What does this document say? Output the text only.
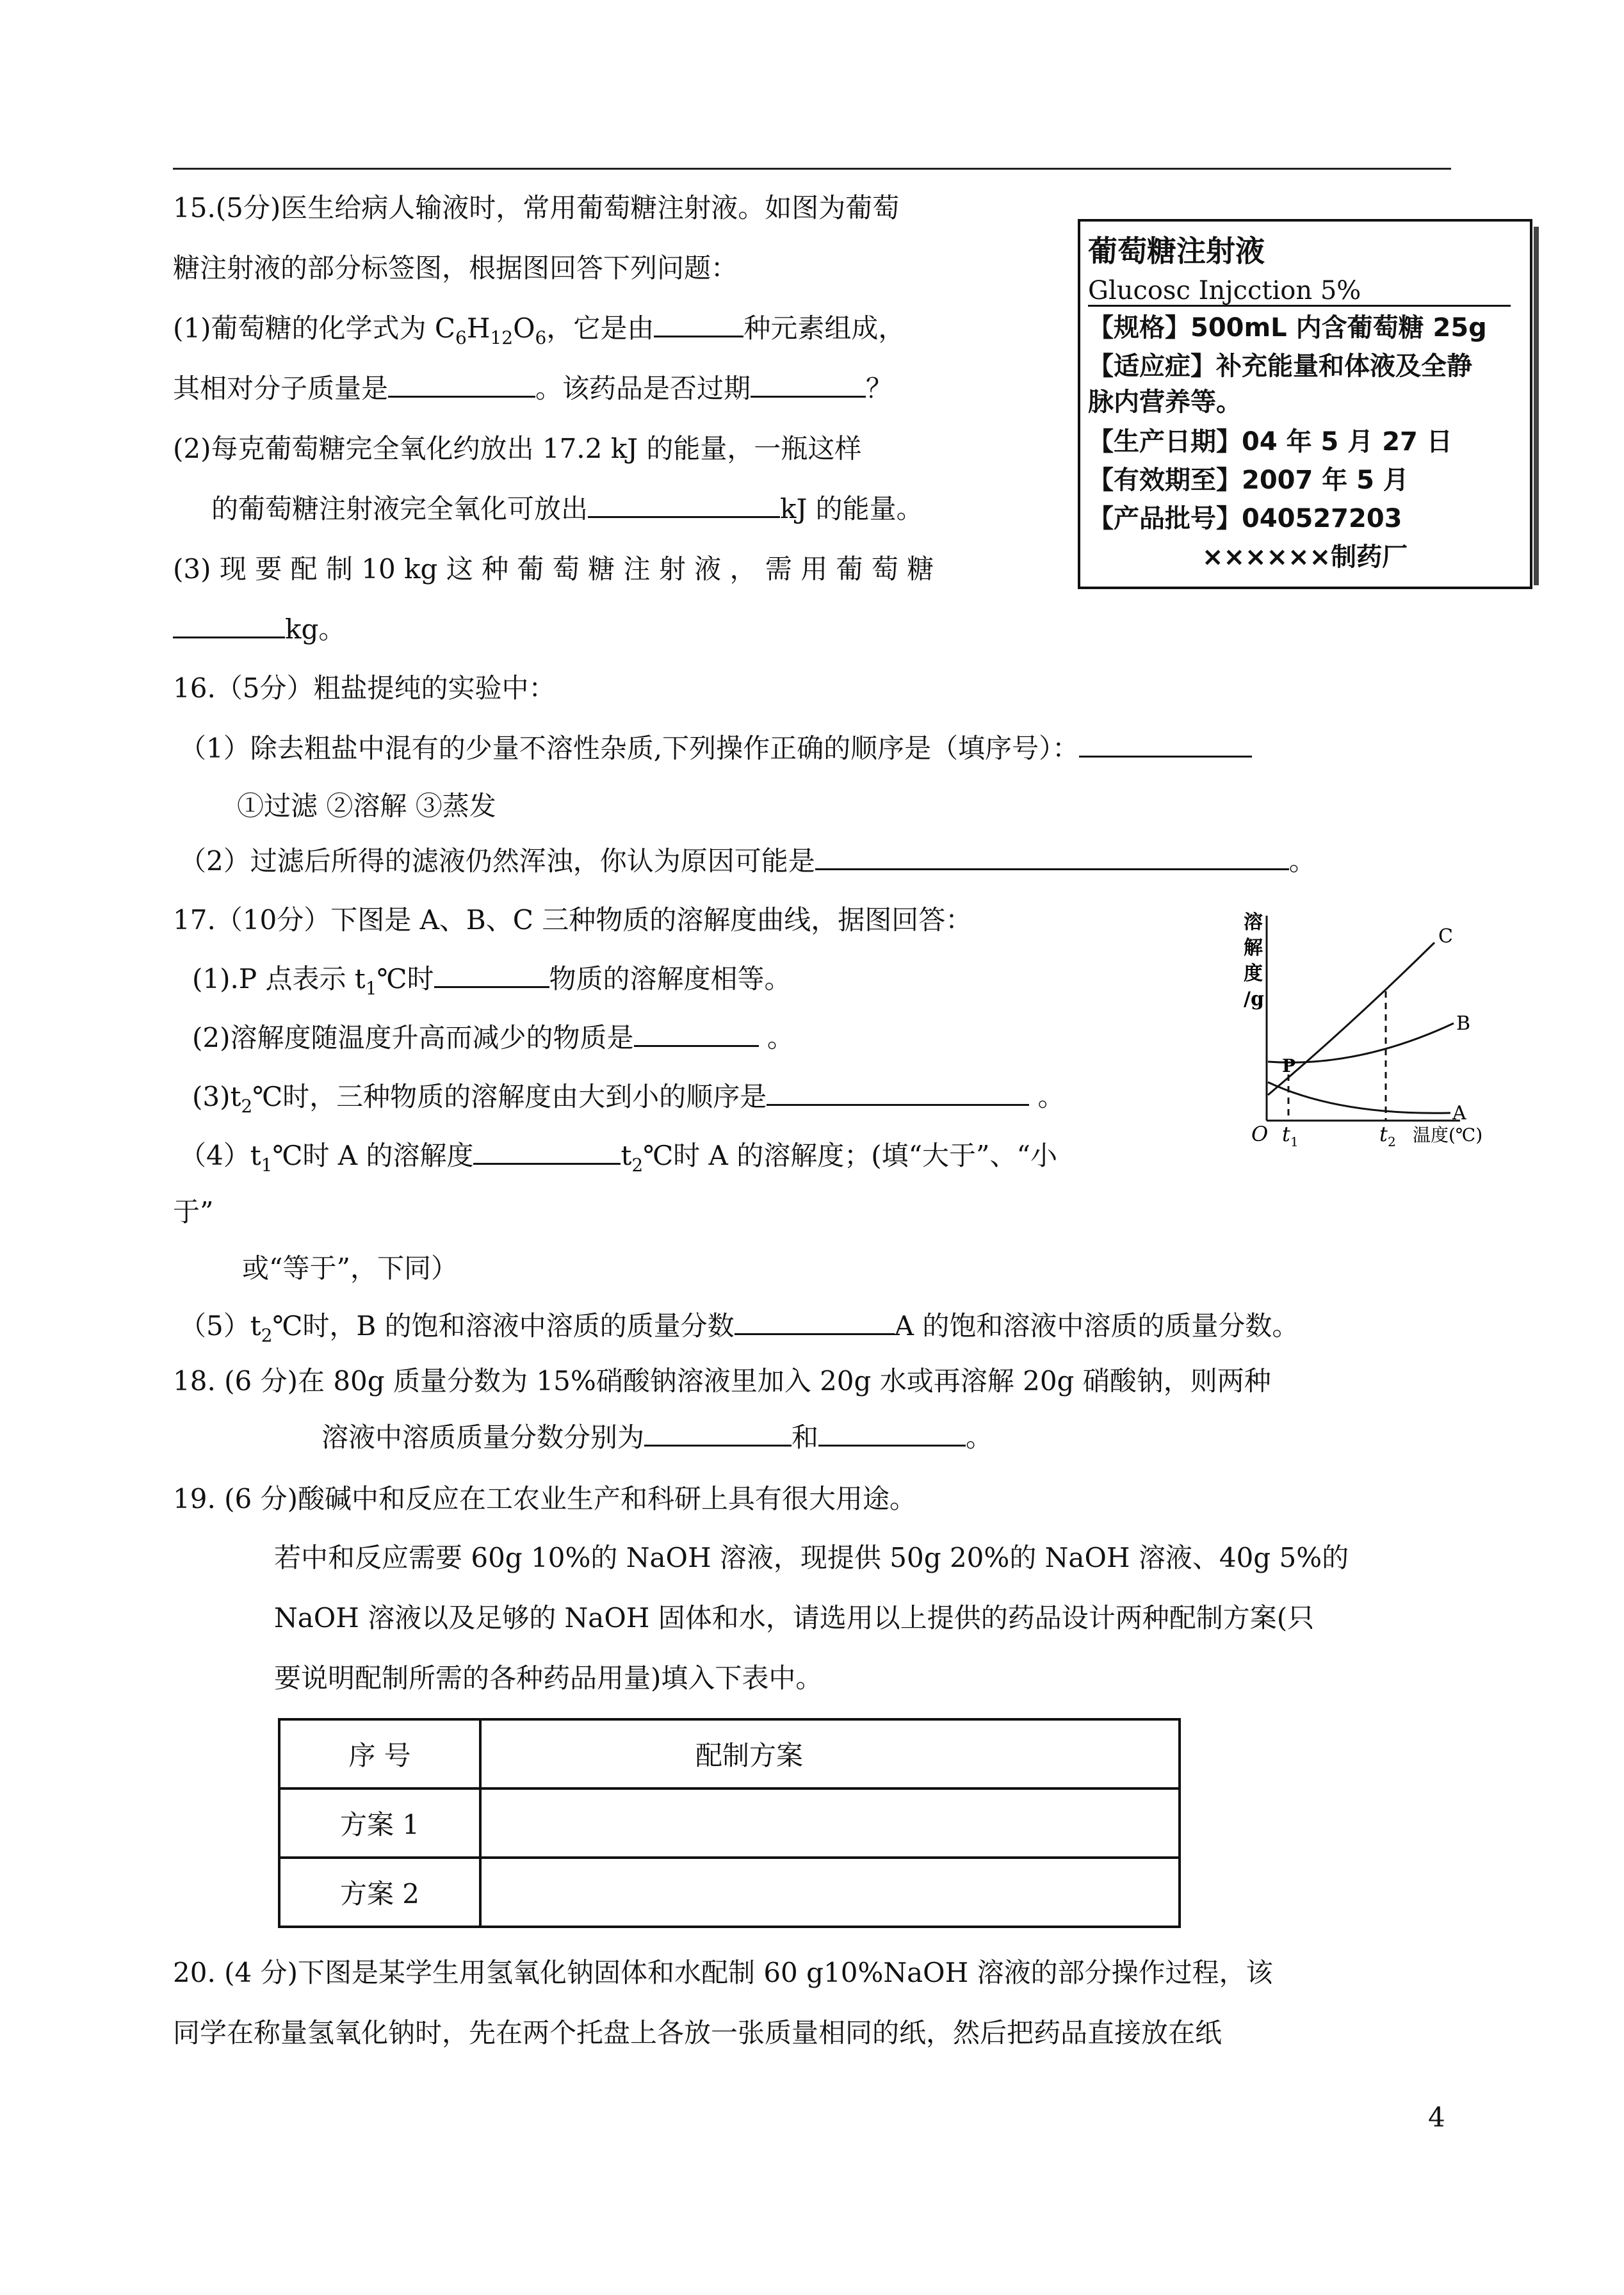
15.(5分)医生给病人输液时，常用葡萄糖注射液。如图为葡萄
糖注射液的部分标签图，根据图回答下列问题：
(1)葡萄糖的化学式为 $C_6H_{12}O_6$，它是由	种元素组成，
其相对分子质量是	。该药品是否过期	？
(2)每克葡萄糖完全氧化约放出 17.2 kJ 的能量，一瓶这样
的葡萄糖注射液完全氧化可放出	kJ 的能量。
(3) 现 要 配 制 10 kg 这 种 葡 萄 糖 注 射 液 ， 需 用 葡 萄 糖
kg。
葡萄糖注射液
Glucosc Injcction 5%
【规格】500mL 内含葡萄糖 25g
【适应症】补充能量和体液及全静
脉内营养等。
【生产日期】04 年 5 月 27 日
【有效期至】2007 年 5 月
【产品批号】040527203
××××××制药厂
16.（5分）粗盐提纯的实验中：
（1）除去粗盐中混有的少量不溶性杂质,下列操作正确的顺序是（填序号）：
①过滤 ②溶解 ③蒸发
（2）过滤后所得的滤液仍然浑浊，你认为原因可能是	。
17.（10分）下图是 A、B、C 三种物质的溶解度曲线，据图回答：
(1).P 点表示 $t_1℃$时	物质的溶解度相等。
(2)溶解度随温度升高而减少的物质是	。
$(3)t_2℃$时，三种物质的溶解度由大到小的顺序是	。
$(4)t_1℃$时 A 的溶解度	$t_2℃$时 A 的溶解度；(填“大于”、“小
于”
或“等于”，下同）
$(5)t_2℃$时，B 的饱和溶液中溶质的质量分数	A 的饱和溶液中溶质的质量分数。
溶
解
度
/g
C
B
A
P
O t 1	t 2 温度(℃)
18. (6 分)在 80g 质量分数为 15%硝酸钠溶液里加入 20g 水或再溶解 20g 硝酸钠，则两种
溶液中溶质质量分数分别为	和	。
19. (6 分)酸碱中和反应在工农业生产和科研上具有很大用途。
若中和反应需要 60g 10%的 NaOH 溶液，现提供 50g 20%的 NaOH 溶液、40g 5%的
NaOH 溶液以及足够的 NaOH 固体和水，请选用以上提供的药品设计两种配制方案(只
要说明配制所需的各种药品用量)填入下表中。
序 号	配制方案
方案 1	
方案 2	
20. (4 分)下图是某学生用氢氧化钠固体和水配制 60 g10%NaOH 溶液的部分操作过程，该
同学在称量氢氧化钠时，先在两个托盘上各放一张质量相同的纸，然后把药品直接放在纸
4
